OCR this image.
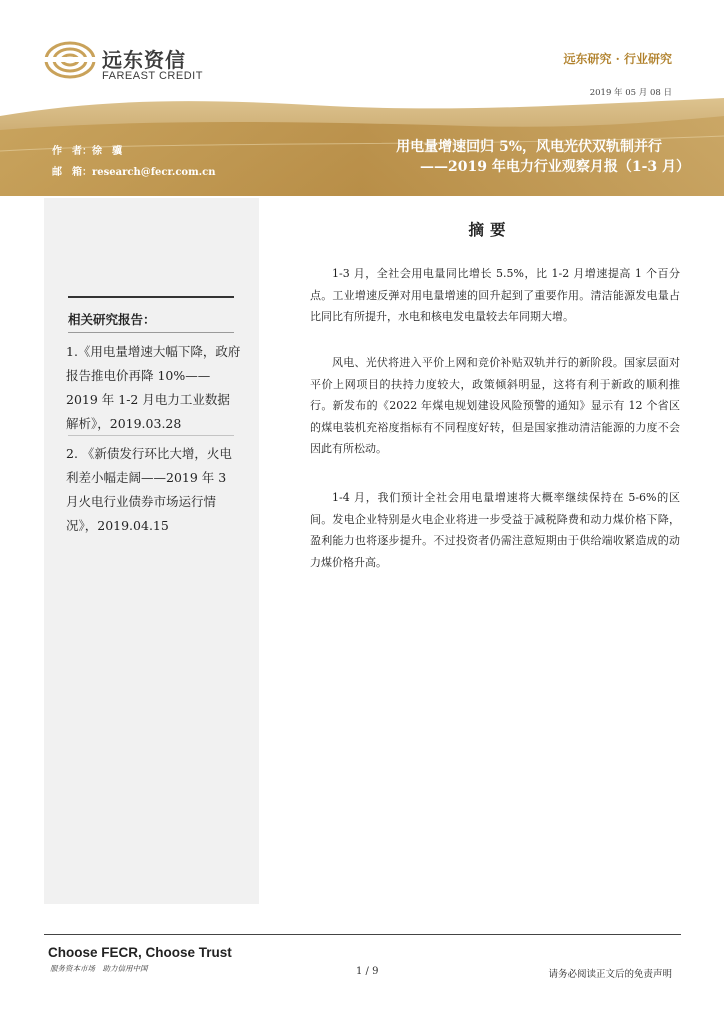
远东资信
FAREAST CREDIT
远东研究 · 行业研究
2019 年 05 月 08 日
作　者：徐　骥
邮　箱：research@fecr.com.cn
用电量增速回归 5%，风电光伏双轨制并行
——2019 年电力行业观察月报（1-3 月）
相关研究报告：
1.《用电量增速大幅下降，政府报告推电价再降 10%——2019 年 1-2 月电力工业数据解析》，2019.03.28
2. 《新债发行环比大增，火电利差小幅走阔——2019 年 3 月火电行业债券市场运行情况》，2019.04.15
摘要

1-3 月，全社会用电量同比增长 5.5%，比 1-2 月增速提高 1 个百分点。工业增速反弹对用电量增速的回升起到了重要作用。清洁能源发电量占比同比有所提升，水电和核电发电量较去年同期大增。

风电、光伏将进入平价上网和竞价补贴双轨并行的新阶段。国家层面对平价上网项目的扶持力度较大，政策倾斜明显，这将有利于新政的顺利推行。新发布的《2022 年煤电规划建设风险预警的通知》显示有 12 个省区的煤电装机充裕度指标有不同程度好转，但是国家推动清洁能源的力度不会因此有所松动。

1-4 月，我们预计全社会用电量增速将大概率继续保持在 5-6%的区间。发电企业特别是火电企业将进一步受益于减税降费和动力煤价格下降，盈利能力也将逐步提升。不过投资者仍需注意短期由于供给端收紧造成的动力煤价格升高。

Choose FECR, Choose Trust
服务资本市场　助力信用中国	1 / 9	请务必阅读正文后的免责声明
